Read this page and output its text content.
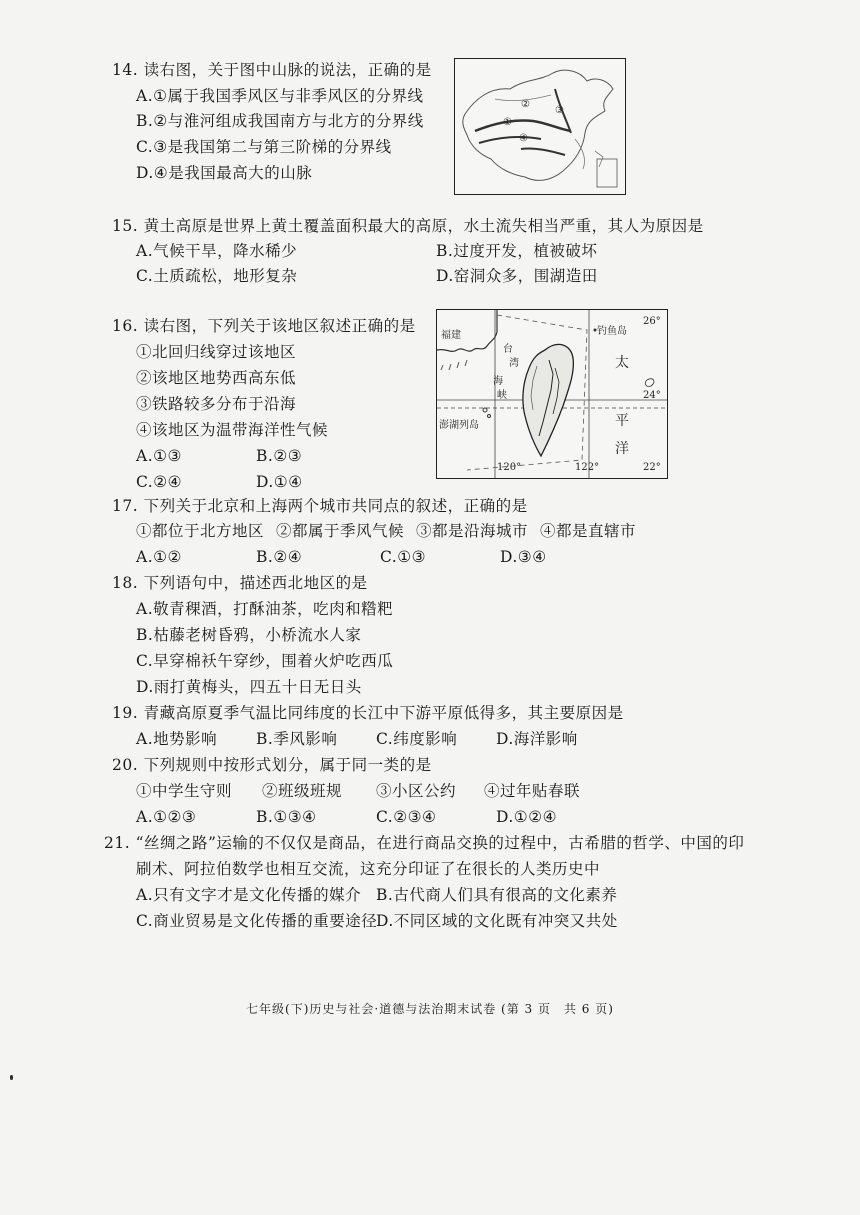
14. 读右图，关于图中山脉的说法，正确的是
A.①属于我国季风区与非季风区的分界线
B.②与淮河组成我国南方与北方的分界线
C.③是我国第二与第三阶梯的分界线
D.④是我国最高大的山脉
①
②
③
④
15. 黄土高原是世界上黄土覆盖面积最大的高原，水土流失相当严重，其人为原因是
A.气候干旱，降水稀少	B.过度开发，植被破坏
C.土质疏松，地形复杂	D.窑洞众多，围湖造田
16. 读右图，下列关于该地区叙述正确的是
①北回归线穿过该地区
②该地区地势西高东低
③铁路较多分布于沿海
④该地区为温带海洋性气候
A.①③	B.②③
C.②④	D.①④
福建	钓鱼岛
26°
24°
澎湖列岛
120°	122°	22°
台
湾
海
峡
太
平
洋
17. 下列关于北京和上海两个城市共同点的叙述，正确的是
①都位于北方地区 ②都属于季风气候 ③都是沿海城市 ④都是直辖市
A.①②	B.②④	C.①③	D.③④
18. 下列语句中，描述西北地区的是
A.敬青稞酒，打酥油茶，吃肉和糌粑
B.枯藤老树昏鸦，小桥流水人家
C.早穿棉袄午穿纱，围着火炉吃西瓜
D.雨打黄梅头，四五十日无日头
19. 青藏高原夏季气温比同纬度的长江中下游平原低得多，其主要原因是
A.地势影响	B.季风影响 C.纬度影响	D.海洋影响
20. 下列规则中按形式划分，属于同一类的是
①中学生守则 ②班级班规 ③小区公约 ④过年贴春联
A.①②③	B.①③④	C.②③④	D.①②④
21. “丝绸之路”运输的不仅仅是商品，在进行商品交换的过程中，古希腊的哲学、中国的印
刷术、阿拉伯数学也相互交流，这充分印证了在很长的人类历史中
A.只有文字才是文化传播的媒介 B.古代商人们具有很高的文化素养
C.商业贸易是文化传播的重要途径
D.不同区域的文化既有冲突又共处
七年级(下)历史与社会·道德与法治期末试卷 (第 3 页　共 6 页)
